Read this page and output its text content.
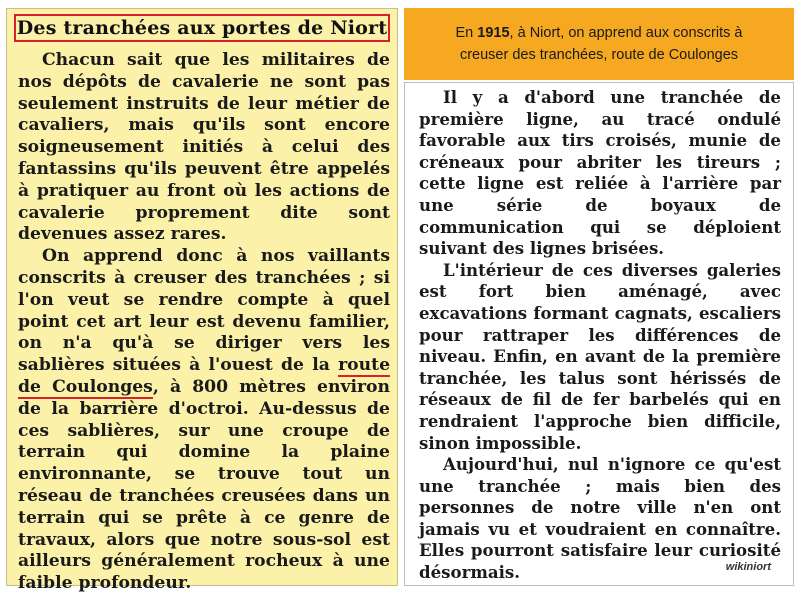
Des tranchées aux portes de Niort

Chacun sait que les militaires de nos dépôts de cavalerie ne sont pas seulement instruits de leur métier de cavaliers, mais qu'ils sont encore soigneusement initiés à celui des fantassins qu'ils peuvent être appelés à pratiquer au front où les actions de cavalerie proprement dite sont devenues assez rares.

On apprend donc à nos vaillants conscrits à creuser des tranchées ; si l'on veut se rendre compte à quel point cet art leur est devenu familier, on n'a qu'à se diriger vers les sablières situées à l'ouest de la route de Coulonges, à 800 mètres environ de la barrière d'octroi. Au-dessus de ces sablières, sur une croupe de terrain qui domine la plaine environnante, se trouve tout un réseau de tranchées creusées dans un terrain qui se prête à ce genre de travaux, alors que notre sous-sol est ailleurs généralement rocheux à une faible profondeur.

En 1915, à Niort, on apprend aux conscrits à
creuser des tranchées, route de Coulonges

Il y a d'abord une tranchée de première ligne, au tracé ondulé favorable aux tirs croisés, munie de créneaux pour abriter les tireurs ; cette ligne est reliée à l'arrière par une série de boyaux de communication qui se déploient suivant des lignes brisées.

L'intérieur de ces diverses galeries est fort bien aménagé, avec excavations formant cagnats, escaliers pour rattraper les différences de niveau. Enfin, en avant de la première tranchée, les talus sont hérissés de réseaux de fil de fer barbelés qui en rendraient l'approche bien difficile, sinon impossible.

Aujourd'hui, nul n'ignore ce qu'est une tranchée ; mais bien des personnes de notre ville n'en ont jamais vu et voudraient en connaître. Elles pourront satisfaire leur curiosité désormais.	wikiniort
